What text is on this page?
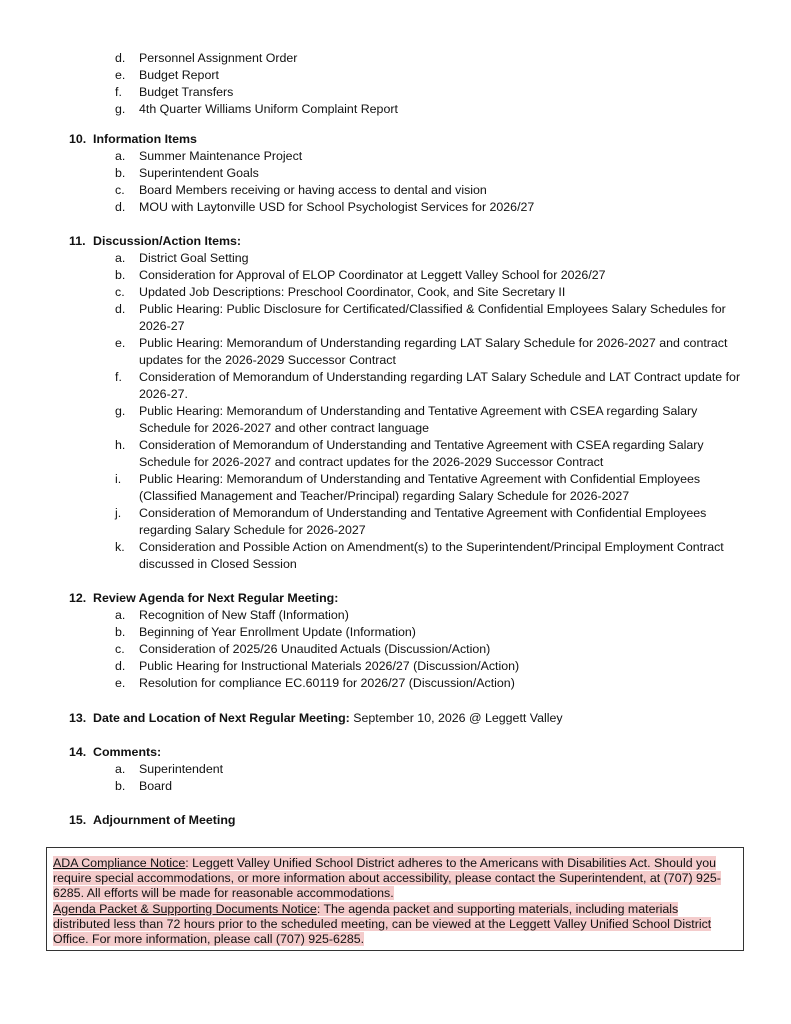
d.	Personnel Assignment Order
e.	Budget Report
f.	Budget Transfers
g.	4th Quarter Williams Uniform Complaint Report
10. Information Items
a.	Summer Maintenance Project
b.	Superintendent Goals
c.	Board Members receiving or having access to dental and vision
d.	MOU with Laytonville USD for School Psychologist Services for 2026/27
11. Discussion/Action Items:
a.	District Goal Setting
b.	Consideration for Approval of ELOP Coordinator at Leggett Valley School for 2026/27
c.	Updated Job Descriptions: Preschool Coordinator, Cook, and Site Secretary II
d.	Public Hearing: Public Disclosure for Certificated/Classified & Confidential Employees Salary Schedules for 2026-27
e.	Public Hearing: Memorandum of Understanding regarding LAT Salary Schedule for 2026-2027 and contract updates for the 2026-2029 Successor Contract
f.	Consideration of Memorandum of Understanding regarding LAT Salary Schedule and LAT Contract update for 2026-27.
g.	Public Hearing: Memorandum of Understanding and Tentative Agreement with CSEA regarding Salary Schedule for 2026-2027 and other contract language
h.	Consideration of Memorandum of Understanding and Tentative Agreement with CSEA regarding Salary Schedule for 2026-2027 and contract updates for the 2026-2029 Successor Contract
i.	Public Hearing: Memorandum of Understanding and Tentative Agreement with Confidential Employees (Classified Management and Teacher/Principal) regarding Salary Schedule for 2026-2027
j.	Consideration of Memorandum of Understanding and Tentative Agreement with Confidential Employees regarding Salary Schedule for 2026-2027
k.	Consideration and Possible Action on Amendment(s) to the Superintendent/Principal Employment Contract discussed in Closed Session
12. Review Agenda for Next Regular Meeting:
a.	Recognition of New Staff (Information)
b.	Beginning of Year Enrollment Update (Information)
c.	Consideration of 2025/26 Unaudited Actuals (Discussion/Action)
d.	Public Hearing for Instructional Materials 2026/27 (Discussion/Action)
e.	Resolution for compliance EC.60119 for 2026/27 (Discussion/Action)
13. Date and Location of Next Regular Meeting: September 10, 2026 @ Leggett Valley
14. Comments:
a.	Superintendent
b.	Board
15. Adjournment of Meeting
ADA Compliance Notice: Leggett Valley Unified School District adheres to the Americans with Disabilities Act. Should you require special accommodations, or more information about accessibility, please contact the Superintendent, at (707) 925-6285. All efforts will be made for reasonable accommodations.
Agenda Packet & Supporting Documents Notice: The agenda packet and supporting materials, including materials distributed less than 72 hours prior to the scheduled meeting, can be viewed at the Leggett Valley Unified School District Office. For more information, please call (707) 925-6285.
